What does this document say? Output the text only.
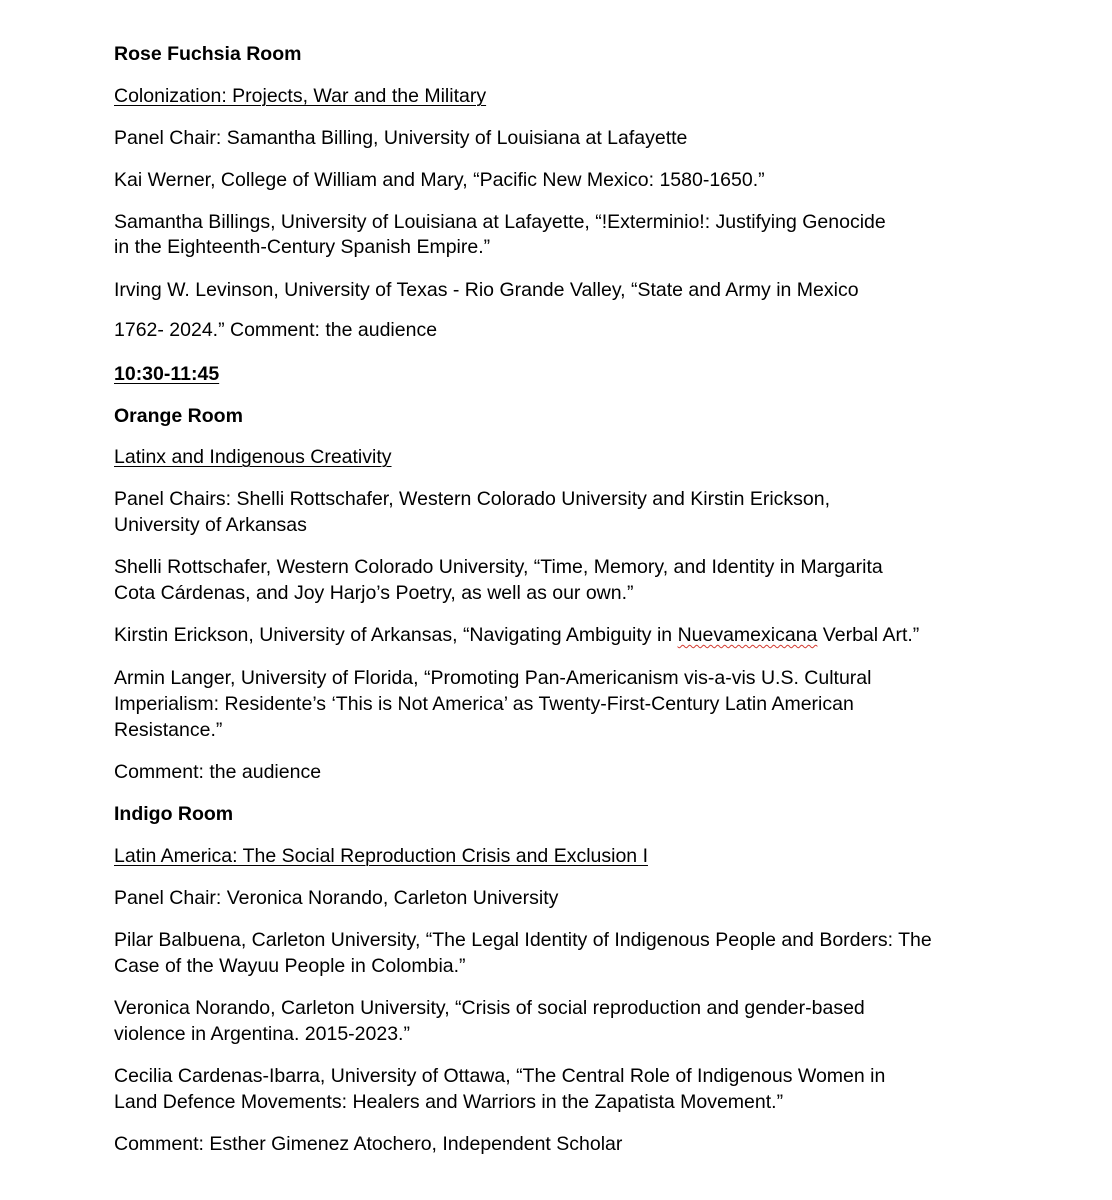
Rose Fuchsia Room

Colonization: Projects, War and the Military

Panel Chair: Samantha Billing, University of Louisiana at Lafayette

Kai Werner, College of William and Mary, “Pacific New Mexico: 1580-1650.”

Samantha Billings, University of Louisiana at Lafayette, “!Exterminio!: Justifying Genocide

in the Eighteenth-Century Spanish Empire.”

Irving W. Levinson, University of Texas - Rio Grande Valley, “State and Army in Mexico

1762- 2024.” Comment: the audience

10:30-11:45

Orange Room

Latinx and Indigenous Creativity

Panel Chairs: Shelli Rottschafer, Western Colorado University and Kirstin Erickson,

University of Arkansas

Shelli Rottschafer, Western Colorado University, “Time, Memory, and Identity in Margarita

Cota Cárdenas, and Joy Harjo’s Poetry, as well as our own.”

Kirstin Erickson, University of Arkansas, “Navigating Ambiguity in Nuevamexicana Verbal Art.”

Armin Langer, University of Florida, “Promoting Pan-Americanism vis-a-vis U.S. Cultural

Imperialism: Residente’s ‘This is Not America’ as Twenty-First-Century Latin American

Resistance.”

Comment: the audience

Indigo Room

Latin America: The Social Reproduction Crisis and Exclusion I

Panel Chair: Veronica Norando, Carleton University

Pilar Balbuena, Carleton University, “The Legal Identity of Indigenous People and Borders: The

Case of the Wayuu People in Colombia.”

Veronica Norando, Carleton University, “Crisis of social reproduction and gender-based

violence in Argentina. 2015-2023.”

Cecilia Cardenas-Ibarra, University of Ottawa, “The Central Role of Indigenous Women in

Land Defence Movements: Healers and Warriors in the Zapatista Movement.”

Comment: Esther Gimenez Atochero, Independent Scholar
